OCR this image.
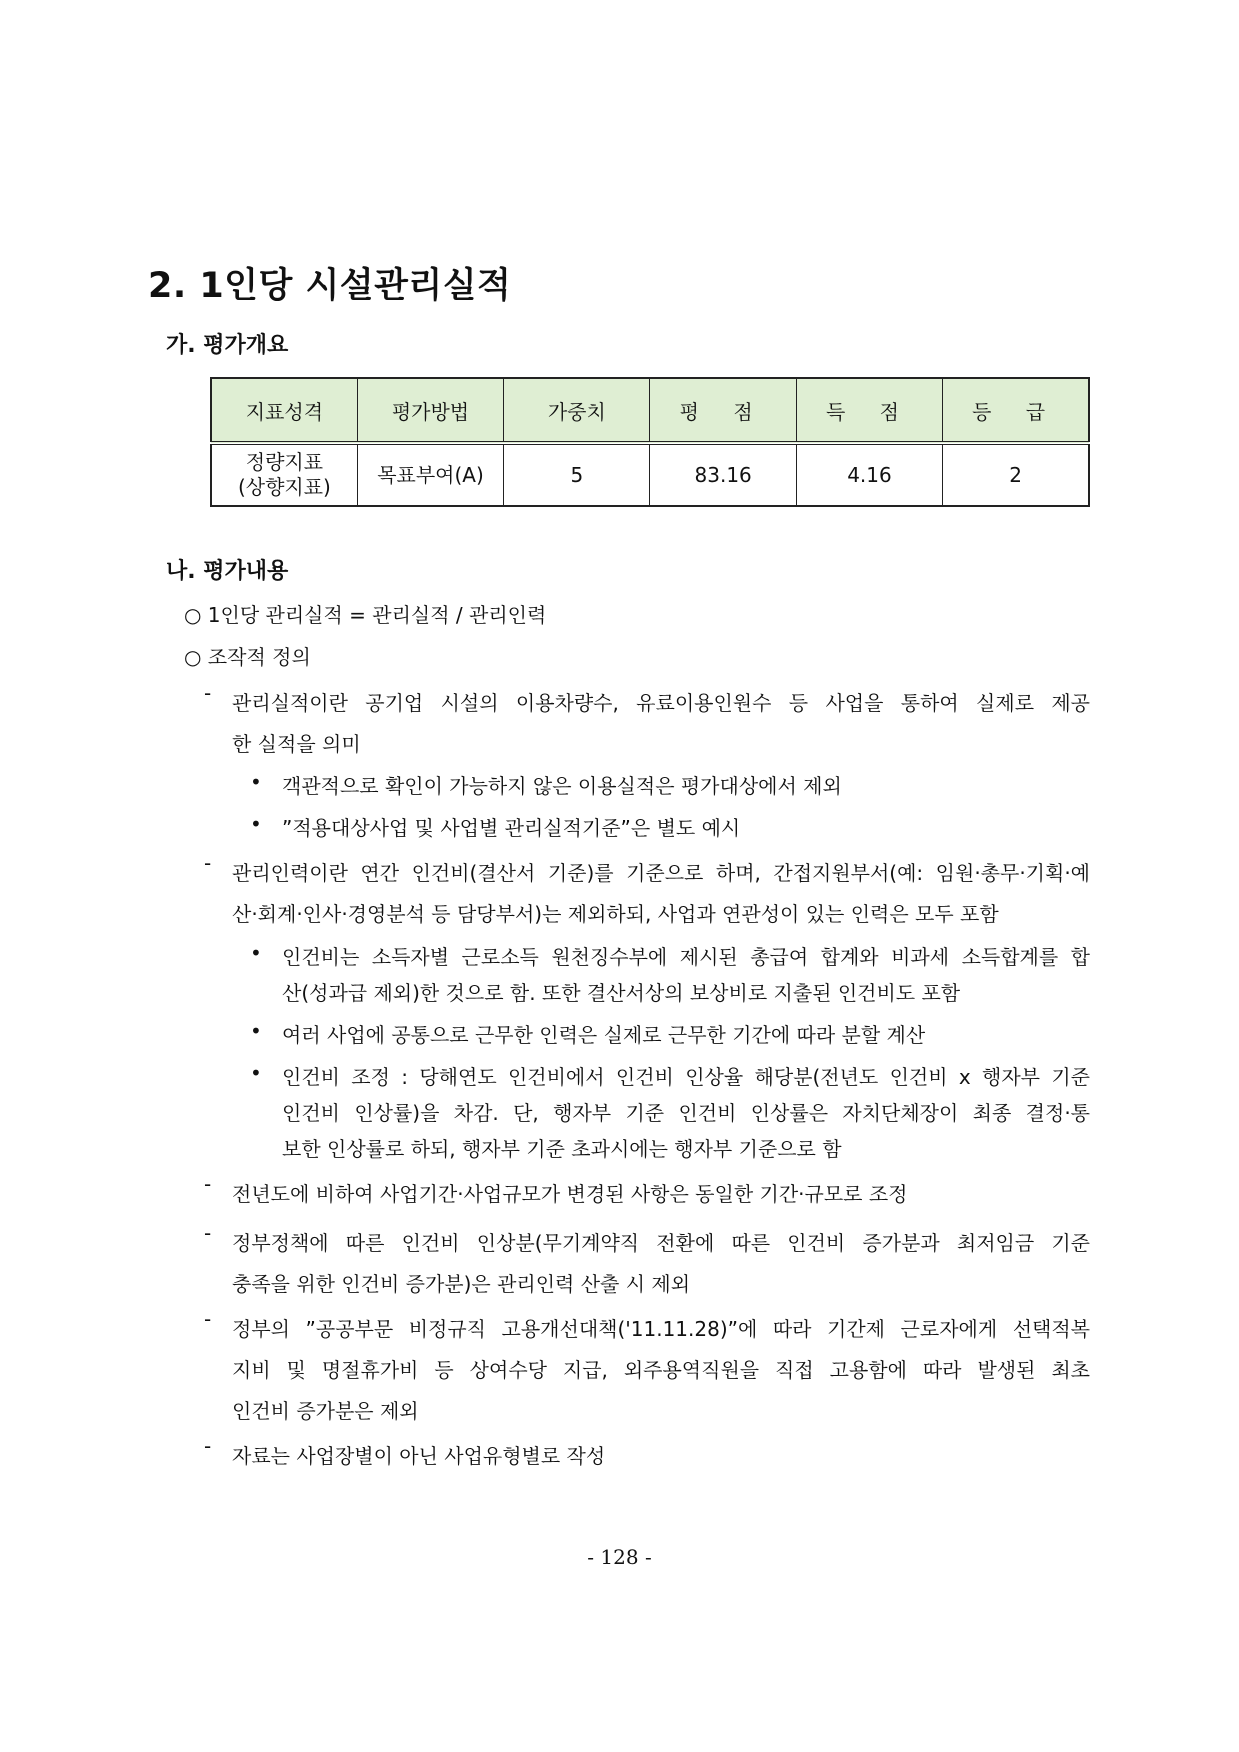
2. 1인당 시설관리실적
가. 평가개요
지표성격	평가방법	가중치	평 점	득 점	등 급
정량지표
(상향지표)	목표부여(A)	5	83.16	4.16	2
나. 평가내용

○ 1인당 관리실적 = 관리실적 / 관리인력

○ 조작적 정의

- 관리실적이란 공기업 시설의 이용차량수, 유료이용인원수 등 사업을 통하여 실제로 제공

한 실적을 의미

• 객관적으로 확인이 가능하지 않은 이용실적은 평가대상에서 제외
• ”적용대상사업 및 사업별 관리실적기준”은 별도 예시
- 관리인력이란 연간 인건비(결산서 기준)를 기준으로 하며, 간접지원부서(예: 임원·총무·기획·예

산·회계·인사·경영분석 등 담당부서)는 제외하되, 사업과 연관성이 있는 인력은 모두 포함

• 인건비는 소득자별 근로소득 원천징수부에 제시된 총급여 합계와 비과세 소득합계를 합

산(성과급 제외)한 것으로 함. 또한 결산서상의 보상비로 지출된 인건비도 포함

• 여러 사업에 공통으로 근무한 인력은 실제로 근무한 기간에 따라 분할 계산
• 인건비 조정 : 당해연도 인건비에서 인건비 인상율 해당분(전년도 인건비 x 행자부 기준
인건비 인상률)을 차감. 단, 행자부 기준 인건비 인상률은 자치단체장이 최종 결정·통

보한 인상률로 하되, 행자부 기준 초과시에는 행자부 기준으로 함

- 전년도에 비하여 사업기간·사업규모가 변경된 사항은 동일한 기간·규모로 조정
- 정부정책에 따른 인건비 인상분(무기계약직 전환에 따른 인건비 증가분과 최저임금 기준

충족을 위한 인건비 증가분)은 관리인력 산출 시 제외

- 정부의 ”공공부문 비정규직 고용개선대책('11.11.28)”에 따라 기간제 근로자에게 선택적복
지비 및 명절휴가비 등 상여수당 지급, 외주용역직원을 직접 고용함에 따라 발생된 최초

인건비 증가분은 제외

- 자료는 사업장별이 아닌 사업유형별로 작성
- 128 -
